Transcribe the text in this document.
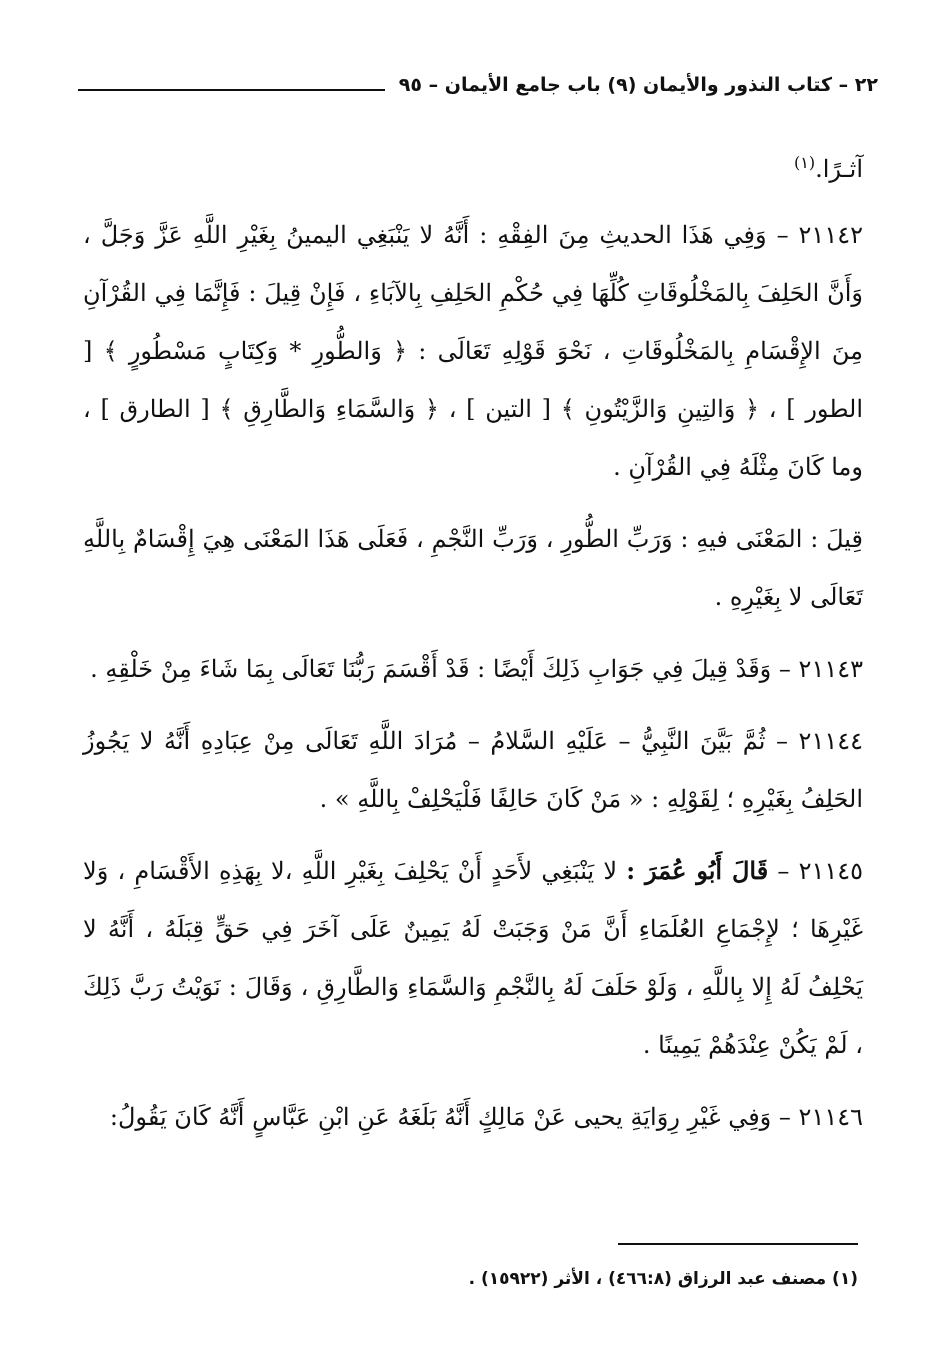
٢٢ – كتاب النذور والأيمان (٩) باب جامع الأيمان – ٩٥

آثـرًا.$^{(١)}$

٢١١٤٢ – وَفِي هَذَا الحديثِ مِنَ الفِقْهِ : أَنَّهُ لا يَنْبَغِي اليمينُ بِغَيْرِ اللَّهِ عَزَّ وَجَلَّ ، وَأَنَّ الحَلِفَ بِالمَخْلُوقَاتِ كُلِّهَا فِي حُكْمِ الحَلِفِ بِالآبَاءِ ، فَإِنْ قِيلَ : فَإِنَّمَا فِي القُرْآنِ مِنَ الإِقْسَامِ بِالمَخْلُوقَاتِ ، نَحْوَ قَوْلِهِ تَعَالَى : ﴿ وَالطُّورِ * وَكِتَابٍ مَسْطُورٍ ﴾ [ الطور ] ، ﴿ وَالتِينِ وَالزَّيْتُونِ ﴾ [ التين ] ، ﴿ وَالسَّمَاءِ وَالطَّارِقِ ﴾ [ الطارق ] ، وما كَانَ مِثْلَهُ فِي القُرْآنِ .

قِيلَ : المَعْنَى فيهِ : وَرَبِّ الطُّورِ ، وَرَبِّ النَّجْمِ ، فَعَلَى هَذَا المَعْنَى هِيَ إِقْسَامٌ بِاللَّهِ تَعَالَى لا بِغَيْرِهِ .

٢١١٤٣ – وَقَدْ قِيلَ فِي جَوَابِ ذَلِكَ أَيْضًا : قَدْ أَقْسَمَ رَبُّنَا تَعَالَى بِمَا شَاءَ مِنْ خَلْقِهِ .

٢١١٤٤ – ثُمَّ بَيَّنَ النَّبِيُّ – عَلَيْهِ السَّلامُ – مُرَادَ اللَّهِ تَعَالَى مِنْ عِبَادِهِ أَنَّهُ لا يَجُوزُ الحَلِفُ بِغَيْرِهِ ؛ لِقَوْلِهِ : « مَنْ كَانَ حَالِفًا فَلْيَحْلِفْ بِاللَّهِ » .

٢١١٤٥ – قَالَ أَبُو عُمَرَ : لا يَنْبَغِي لأَحَدٍ أَنْ يَحْلِفَ بِغَيْرِ اللَّهِ ،لا بِهَذِهِ الأَقْسَامِ ، وَلا غَيْرِهَا ؛ لإِجْمَاعِ العُلَمَاءِ أَنَّ مَنْ وَجَبَتْ لَهُ يَمِينٌ عَلَى آخَرَ فِي حَقٍّ قِبَلَهُ ، أَنَّهُ لا يَحْلِفُ لَهُ إِلا بِاللَّهِ ، وَلَوْ حَلَفَ لَهُ بِالنَّجْمِ وَالسَّمَاءِ وَالطَّارِقِ ، وَقَالَ : نَوَيْتُ رَبَّ ذَلِكَ ، لَمْ يَكُنْ عِنْدَهُمْ يَمِينًا .

٢١١٤٦ – وَفِي غَيْرِ رِوَايَةِ يحيى عَنْ مَالِكٍ أَنَّهُ بَلَغَهُ عَنِ ابْنِ عَبَّاسٍ أَنَّهُ كَانَ يَقُولُ:

(١) مصنف عبد الرزاق (٤٦٦:٨) ، الأثر (١٥٩٢٢) .
